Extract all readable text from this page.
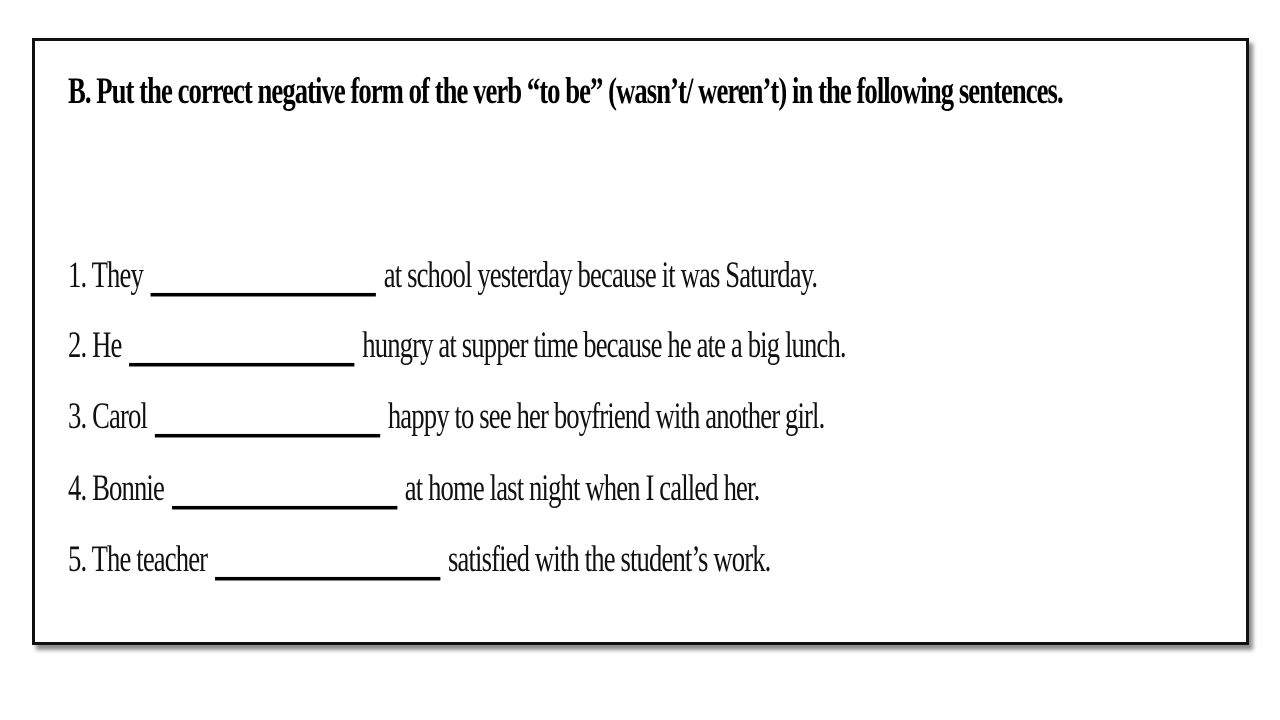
B. Put the correct negative form of the verb “to be” (wasn’t/ weren’t) in the following sentences.

1. They	at school yesterday because it was Saturday.

2. He	hungry at supper time because he ate a big lunch.

3. Carol	happy to see her boyfriend with another girl.

4. Bonnie	at home last night when I called her.

5. The teacher	satisfied with the student’s work.
